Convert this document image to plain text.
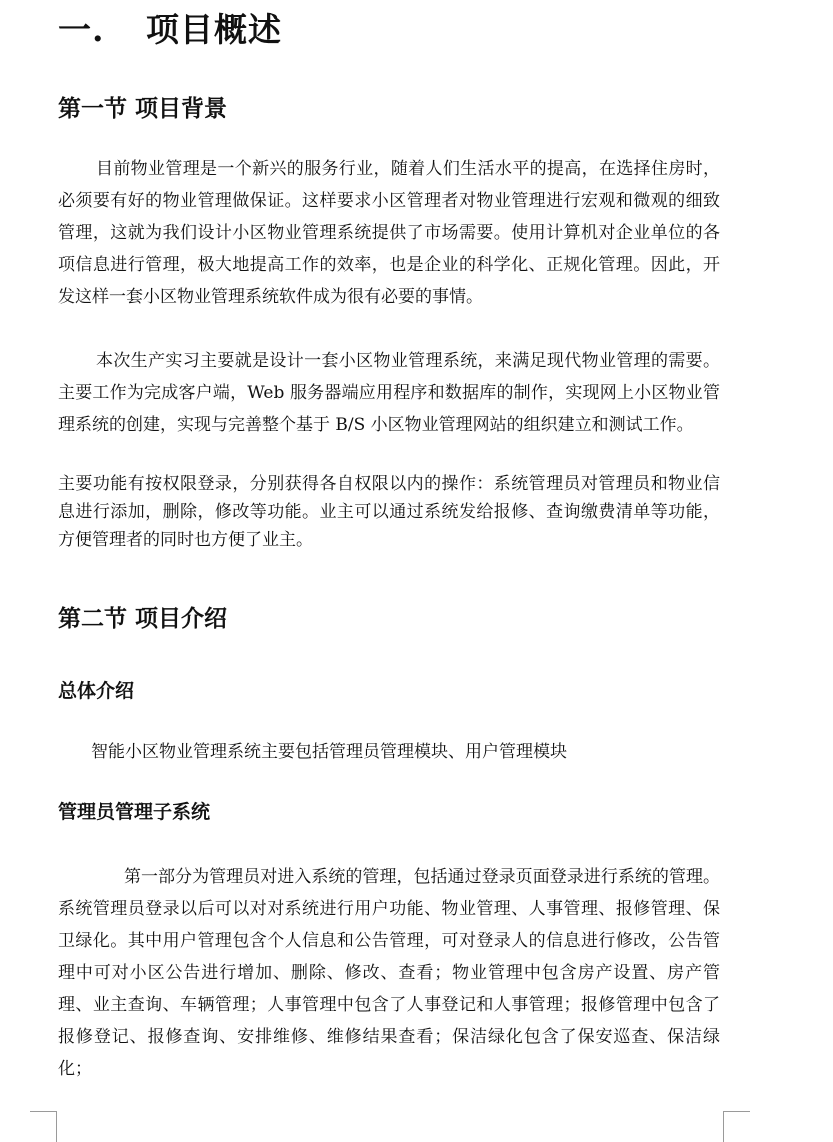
一. 项目概述
第一节 项目背景

目前物业管理是一个新兴的服务行业，随着人们生活水平的提高，在选择住房时，必须要有好的物业管理做保证。这样要求小区管理者对物业管理进行宏观和微观的细致管理，这就为我们设计小区物业管理系统提供了市场需要。使用计算机对企业单位的各项信息进行管理，极大地提高工作的效率，也是企业的科学化、正规化管理。因此，开发这样一套小区物业管理系统软件成为很有必要的事情。

本次生产实习主要就是设计一套小区物业管理系统，来满足现代物业管理的需要。主要工作为完成客户端，Web 服务器端应用程序和数据库的制作，实现网上小区物业管理系统的创建，实现与完善整个基于 B/S 小区物业管理网站的组织建立和测试工作。

主要功能有按权限登录，分别获得各自权限以内的操作：系统管理员对管理员和物业信息进行添加，删除，修改等功能。业主可以通过系统发给报修、查询缴费清单等功能，方便管理者的同时也方便了业主。

第二节 项目介绍
总体介绍

智能小区物业管理系统主要包括管理员管理模块、用户管理模块

管理员管理子系统

第一部分为管理员对进入系统的管理，包括通过登录页面登录进行系统的管理。系统管理员登录以后可以对对系统进行用户功能、物业管理、人事管理、报修管理、保卫绿化。其中用户管理包含个人信息和公告管理，可对登录人的信息进行修改，公告管理中可对小区公告进行增加、删除、修改、查看；物业管理中包含房产设置、房产管理、业主查询、车辆管理；人事管理中包含了人事登记和人事管理；报修管理中包含了报修登记、报修查询、安排维修、维修结果查看；保洁绿化包含了保安巡查、保洁绿化；
